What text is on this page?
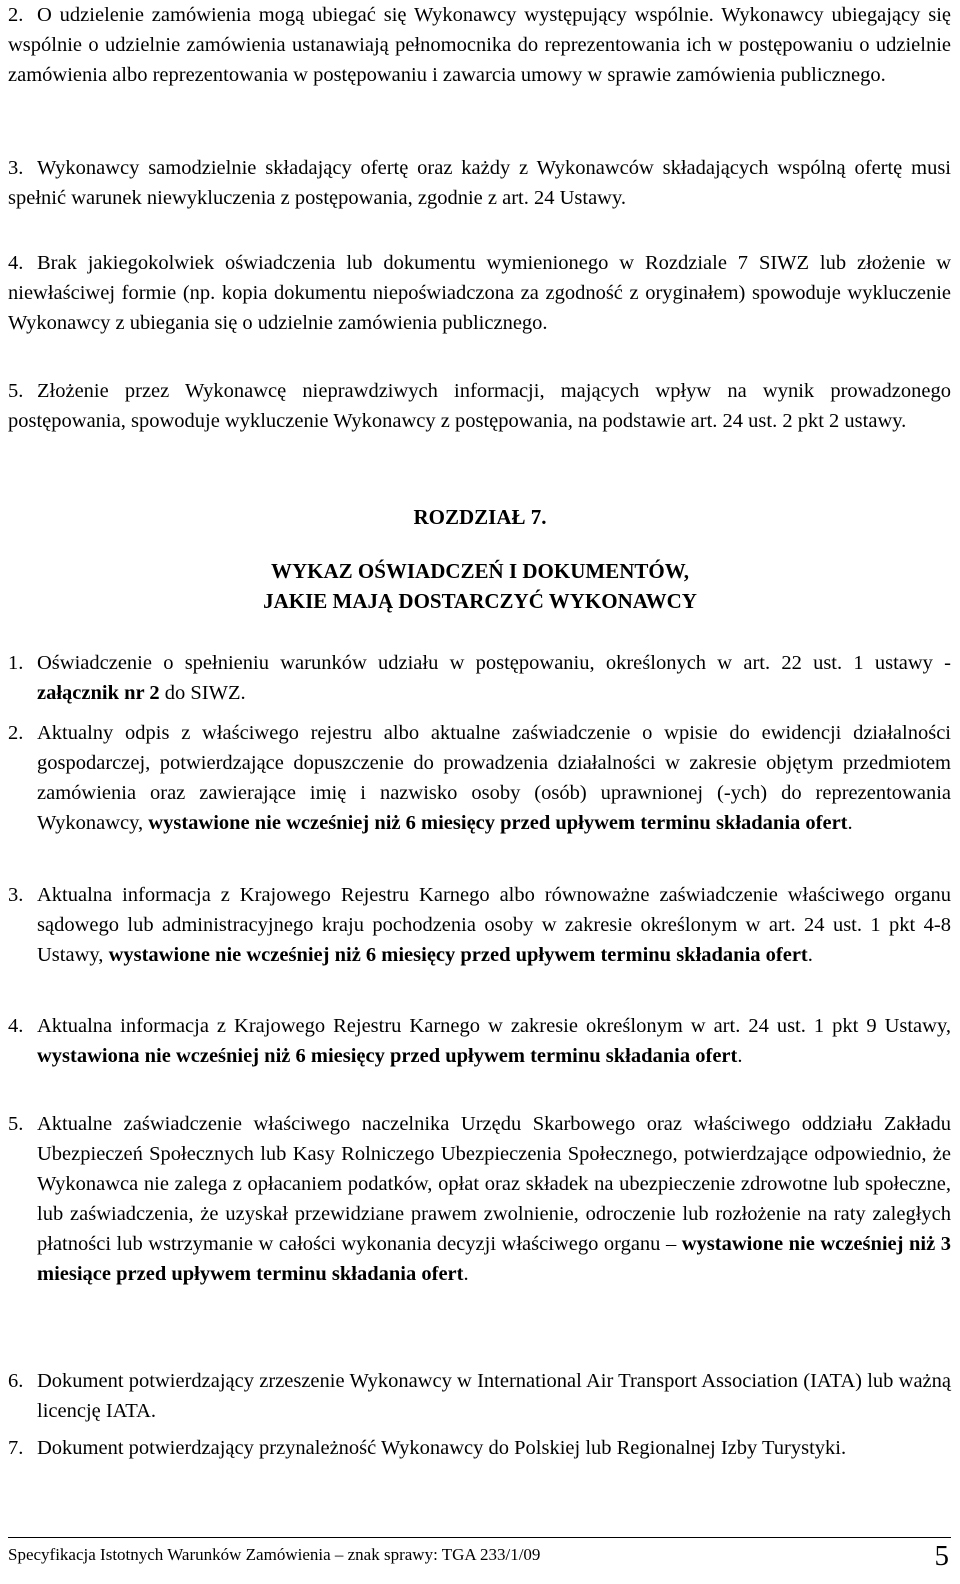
2. O udzielenie zamówienia mogą ubiegać się Wykonawcy występujący wspólnie. Wykonawcy ubiegający się wspólnie o udzielnie zamówienia ustanawiają pełnomocnika do reprezentowania ich w postępowaniu o udzielnie zamówienia albo reprezentowania w postępowaniu i zawarcia umowy w sprawie zamówienia publicznego.
3. Wykonawcy samodzielnie składający ofertę oraz każdy z Wykonawców składających wspólną ofertę musi spełnić warunek niewykluczenia z postępowania, zgodnie z art. 24 Ustawy.
4. Brak jakiegokolwiek oświadczenia lub dokumentu wymienionego w Rozdziale 7 SIWZ lub złożenie w niewłaściwej formie (np. kopia dokumentu niepoświadczona za zgodność z oryginałem) spowoduje wykluczenie Wykonawcy z ubiegania się o udzielnie zamówienia publicznego.
5. Złożenie przez Wykonawcę nieprawdziwych informacji, mających wpływ na wynik prowadzonego postępowania, spowoduje wykluczenie Wykonawcy z postępowania, na podstawie art. 24 ust. 2 pkt 2 ustawy.
ROZDZIAŁ 7.
WYKAZ OŚWIADCZEŃ I DOKUMENTÓW,
JAKIE MAJĄ DOSTARCZYĆ WYKONAWCY
1. Oświadczenie o spełnieniu warunków udziału w postępowaniu, określonych w art. 22 ust. 1 ustawy - załącznik nr 2 do SIWZ.
2. Aktualny odpis z właściwego rejestru albo aktualne zaświadczenie o wpisie do ewidencji działalności gospodarczej, potwierdzające dopuszczenie do prowadzenia działalności w zakresie objętym przedmiotem zamówienia oraz zawierające imię i nazwisko osoby (osób) uprawnionej (-ych) do reprezentowania Wykonawcy, wystawione nie wcześniej niż 6 miesięcy przed upływem terminu składania ofert.
3. Aktualna informacja z Krajowego Rejestru Karnego albo równoważne zaświadczenie właściwego organu sądowego lub administracyjnego kraju pochodzenia osoby w zakresie określonym w art. 24 ust. 1 pkt 4-8 Ustawy, wystawione nie wcześniej niż 6 miesięcy przed upływem terminu składania ofert.
4. Aktualna informacja z Krajowego Rejestru Karnego w zakresie określonym w art. 24 ust. 1 pkt 9 Ustawy, wystawiona nie wcześniej niż 6 miesięcy przed upływem terminu składania ofert.
5. Aktualne zaświadczenie właściwego naczelnika Urzędu Skarbowego oraz właściwego oddziału Zakładu Ubezpieczeń Społecznych lub Kasy Rolniczego Ubezpieczenia Społecznego, potwierdzające odpowiednio, że Wykonawca nie zalega z opłacaniem podatków, opłat oraz składek na ubezpieczenie zdrowotne lub społeczne, lub zaświadczenia, że uzyskał przewidziane prawem zwolnienie, odroczenie lub rozłożenie na raty zaległych płatności lub wstrzymanie w całości wykonania decyzji właściwego organu – wystawione nie wcześniej niż 3 miesiące przed upływem terminu składania ofert.
6. Dokument potwierdzający zrzeszenie Wykonawcy w International Air Transport Association (IATA) lub ważną licencję IATA.
7. Dokument potwierdzający przynależność Wykonawcy do Polskiej lub Regionalnej Izby Turystyki.
Specyfikacja Istotnych Warunków Zamówienia – znak sprawy: TGA 233/1/09	5
